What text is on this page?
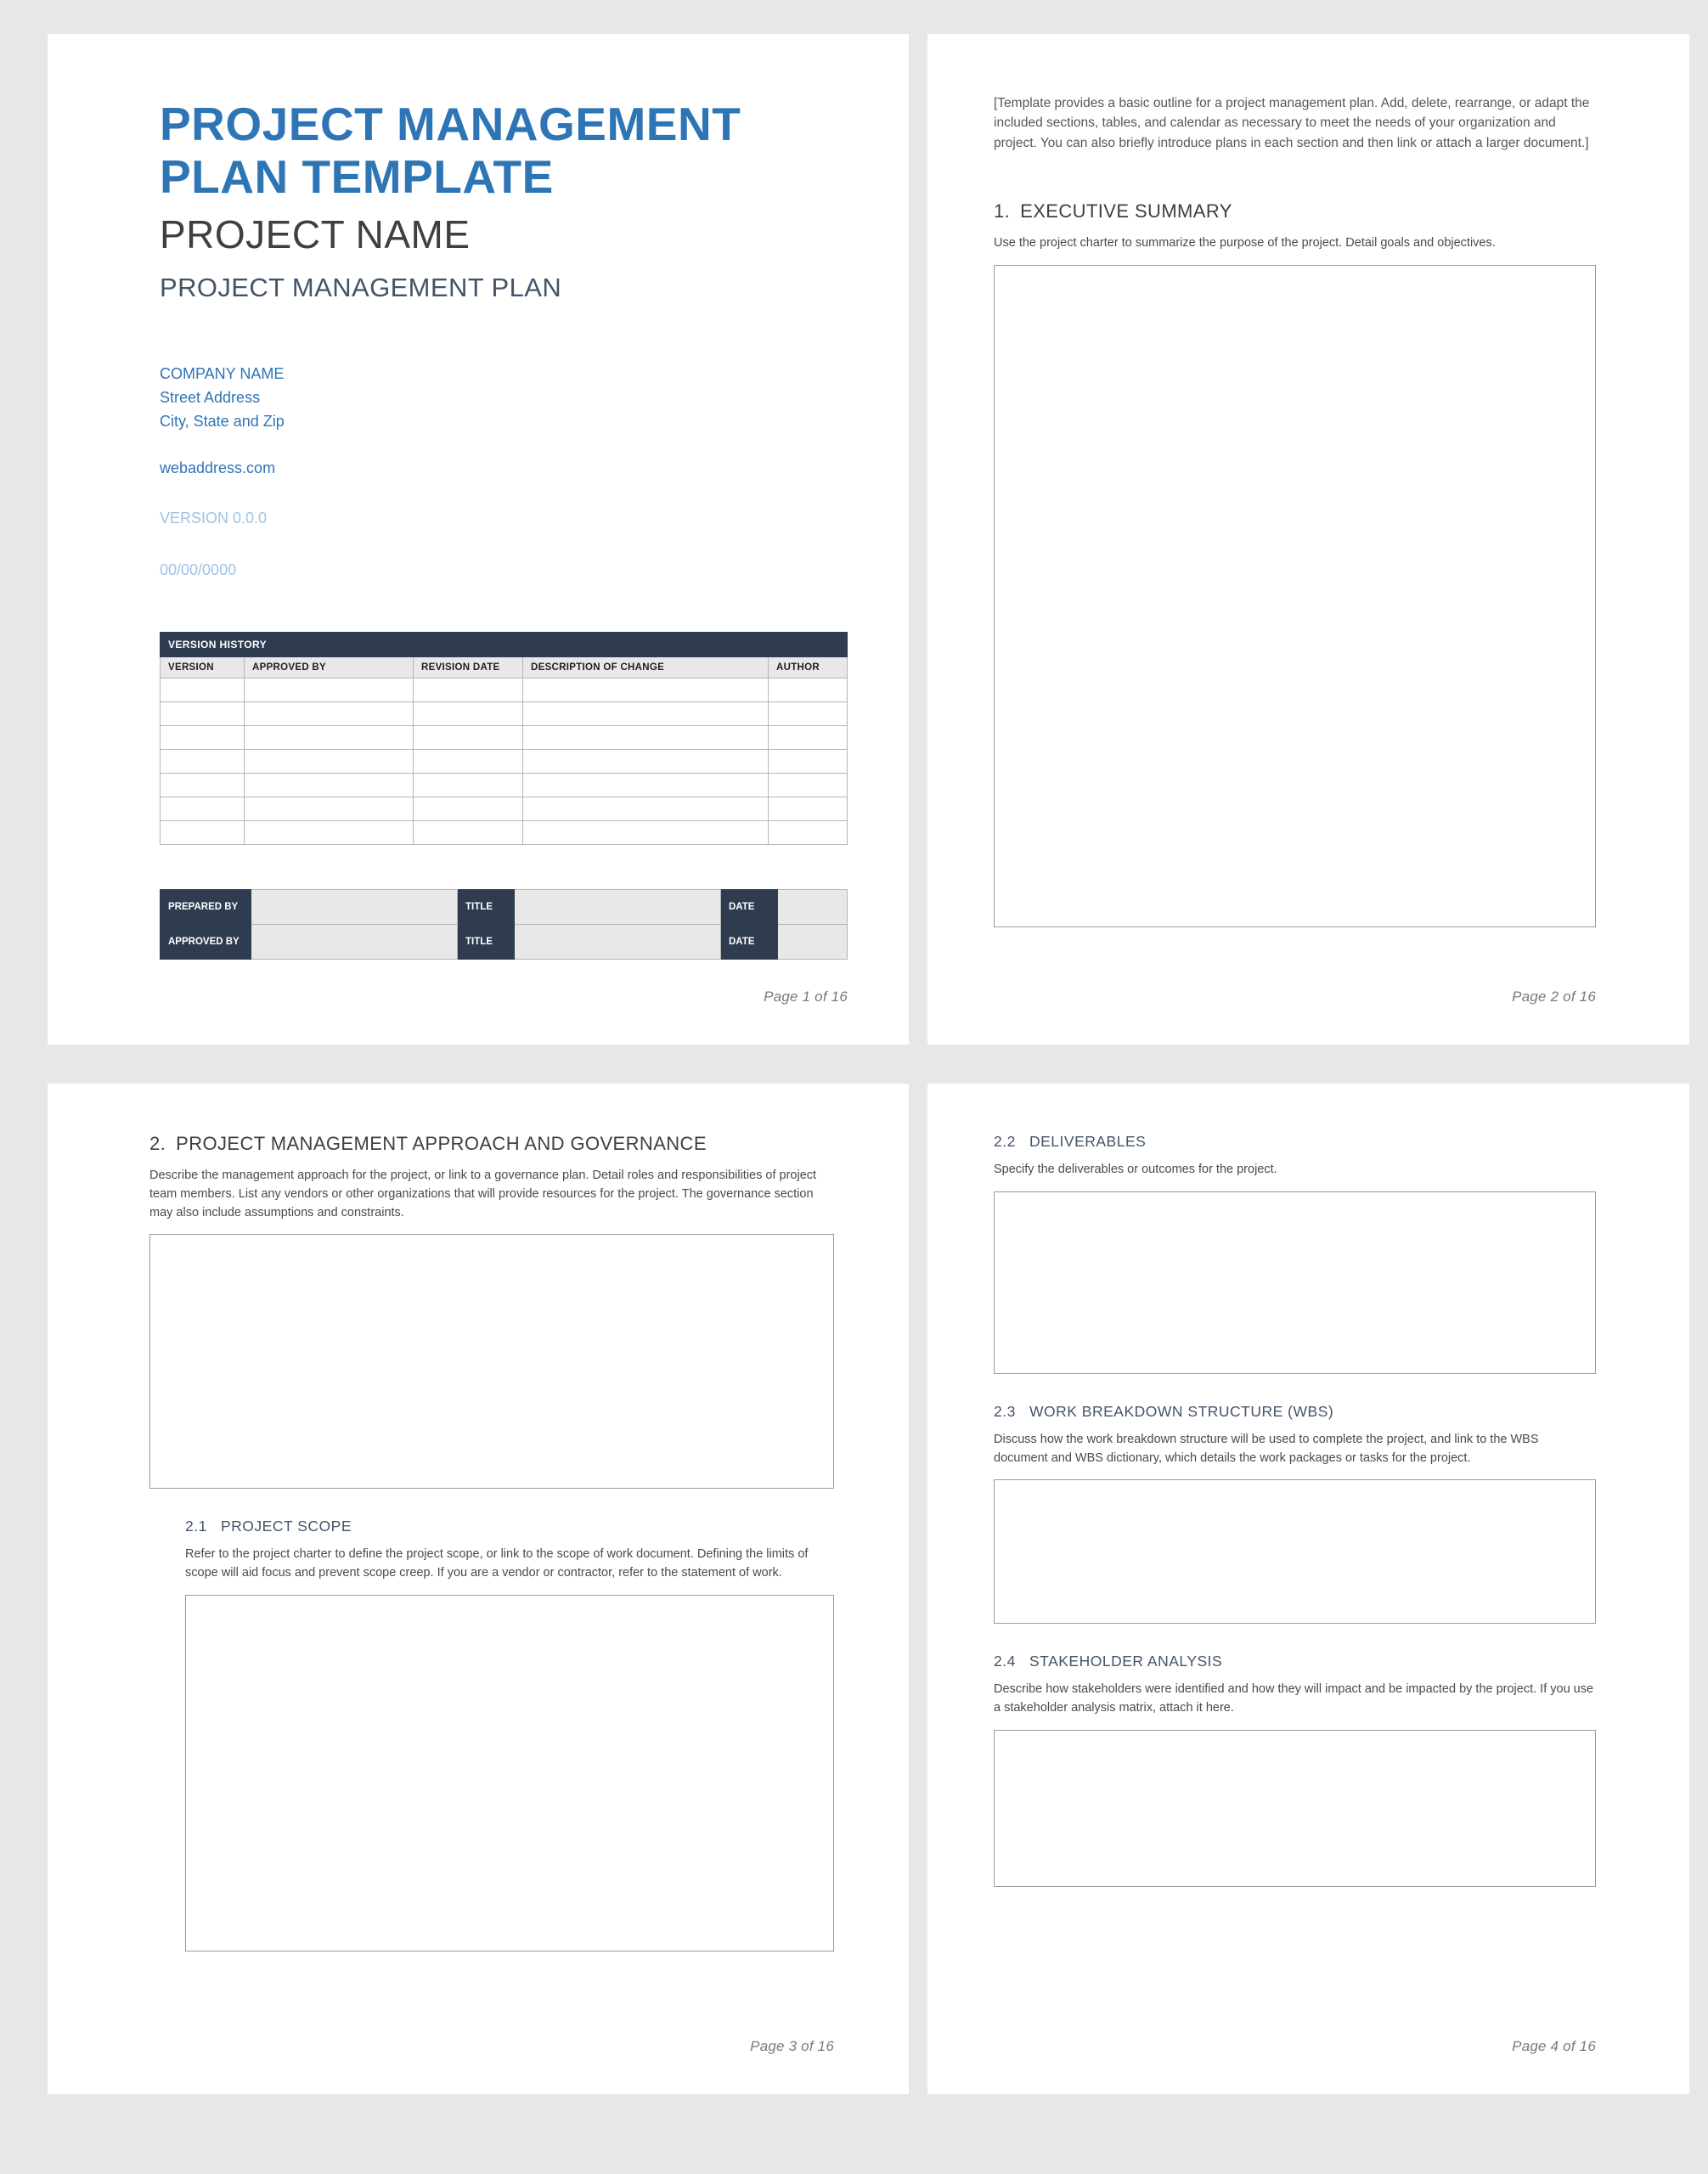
PROJECT MANAGEMENT PLAN TEMPLATE
PROJECT NAME
PROJECT MANAGEMENT PLAN
COMPANY NAME
Street Address
City, State and Zip
webaddress.com
VERSION 0.0.0
00/00/0000
VERSION HISTORY				
VERSION	APPROVED BY	REVISION DATE	DESCRIPTION OF CHANGE	AUTHOR

PREPARED BY		TITLE		DATE	
APPROVED BY		TITLE		DATE	
Page 1 of 16
[Template provides a basic outline for a project management plan. Add, delete, rearrange, or adapt the included sections, tables, and calendar as necessary to meet the needs of your organization and project. You can also briefly introduce plans in each section and then link or attach a larger document.]
1. EXECUTIVE SUMMARY
Use the project charter to summarize the purpose of the project. Detail goals and objectives.
Page 2 of 16
2. PROJECT MANAGEMENT APPROACH AND GOVERNANCE
Describe the management approach for the project, or link to a governance plan. Detail roles and responsibilities of project team members. List any vendors or other organizations that will provide resources for the project. The governance section may also include assumptions and constraints.
2.1 PROJECT SCOPE
Refer to the project charter to define the project scope, or link to the scope of work document. Defining the limits of scope will aid focus and prevent scope creep. If you are a vendor or contractor, refer to the statement of work.
Page 3 of 16
2.2 DELIVERABLES
Specify the deliverables or outcomes for the project.
2.3 WORK BREAKDOWN STRUCTURE (WBS)
Discuss how the work breakdown structure will be used to complete the project, and link to the WBS document and WBS dictionary, which details the work packages or tasks for the project.
2.4 STAKEHOLDER ANALYSIS
Describe how stakeholders were identified and how they will impact and be impacted by the project. If you use a stakeholder analysis matrix, attach it here.
Page 4 of 16
